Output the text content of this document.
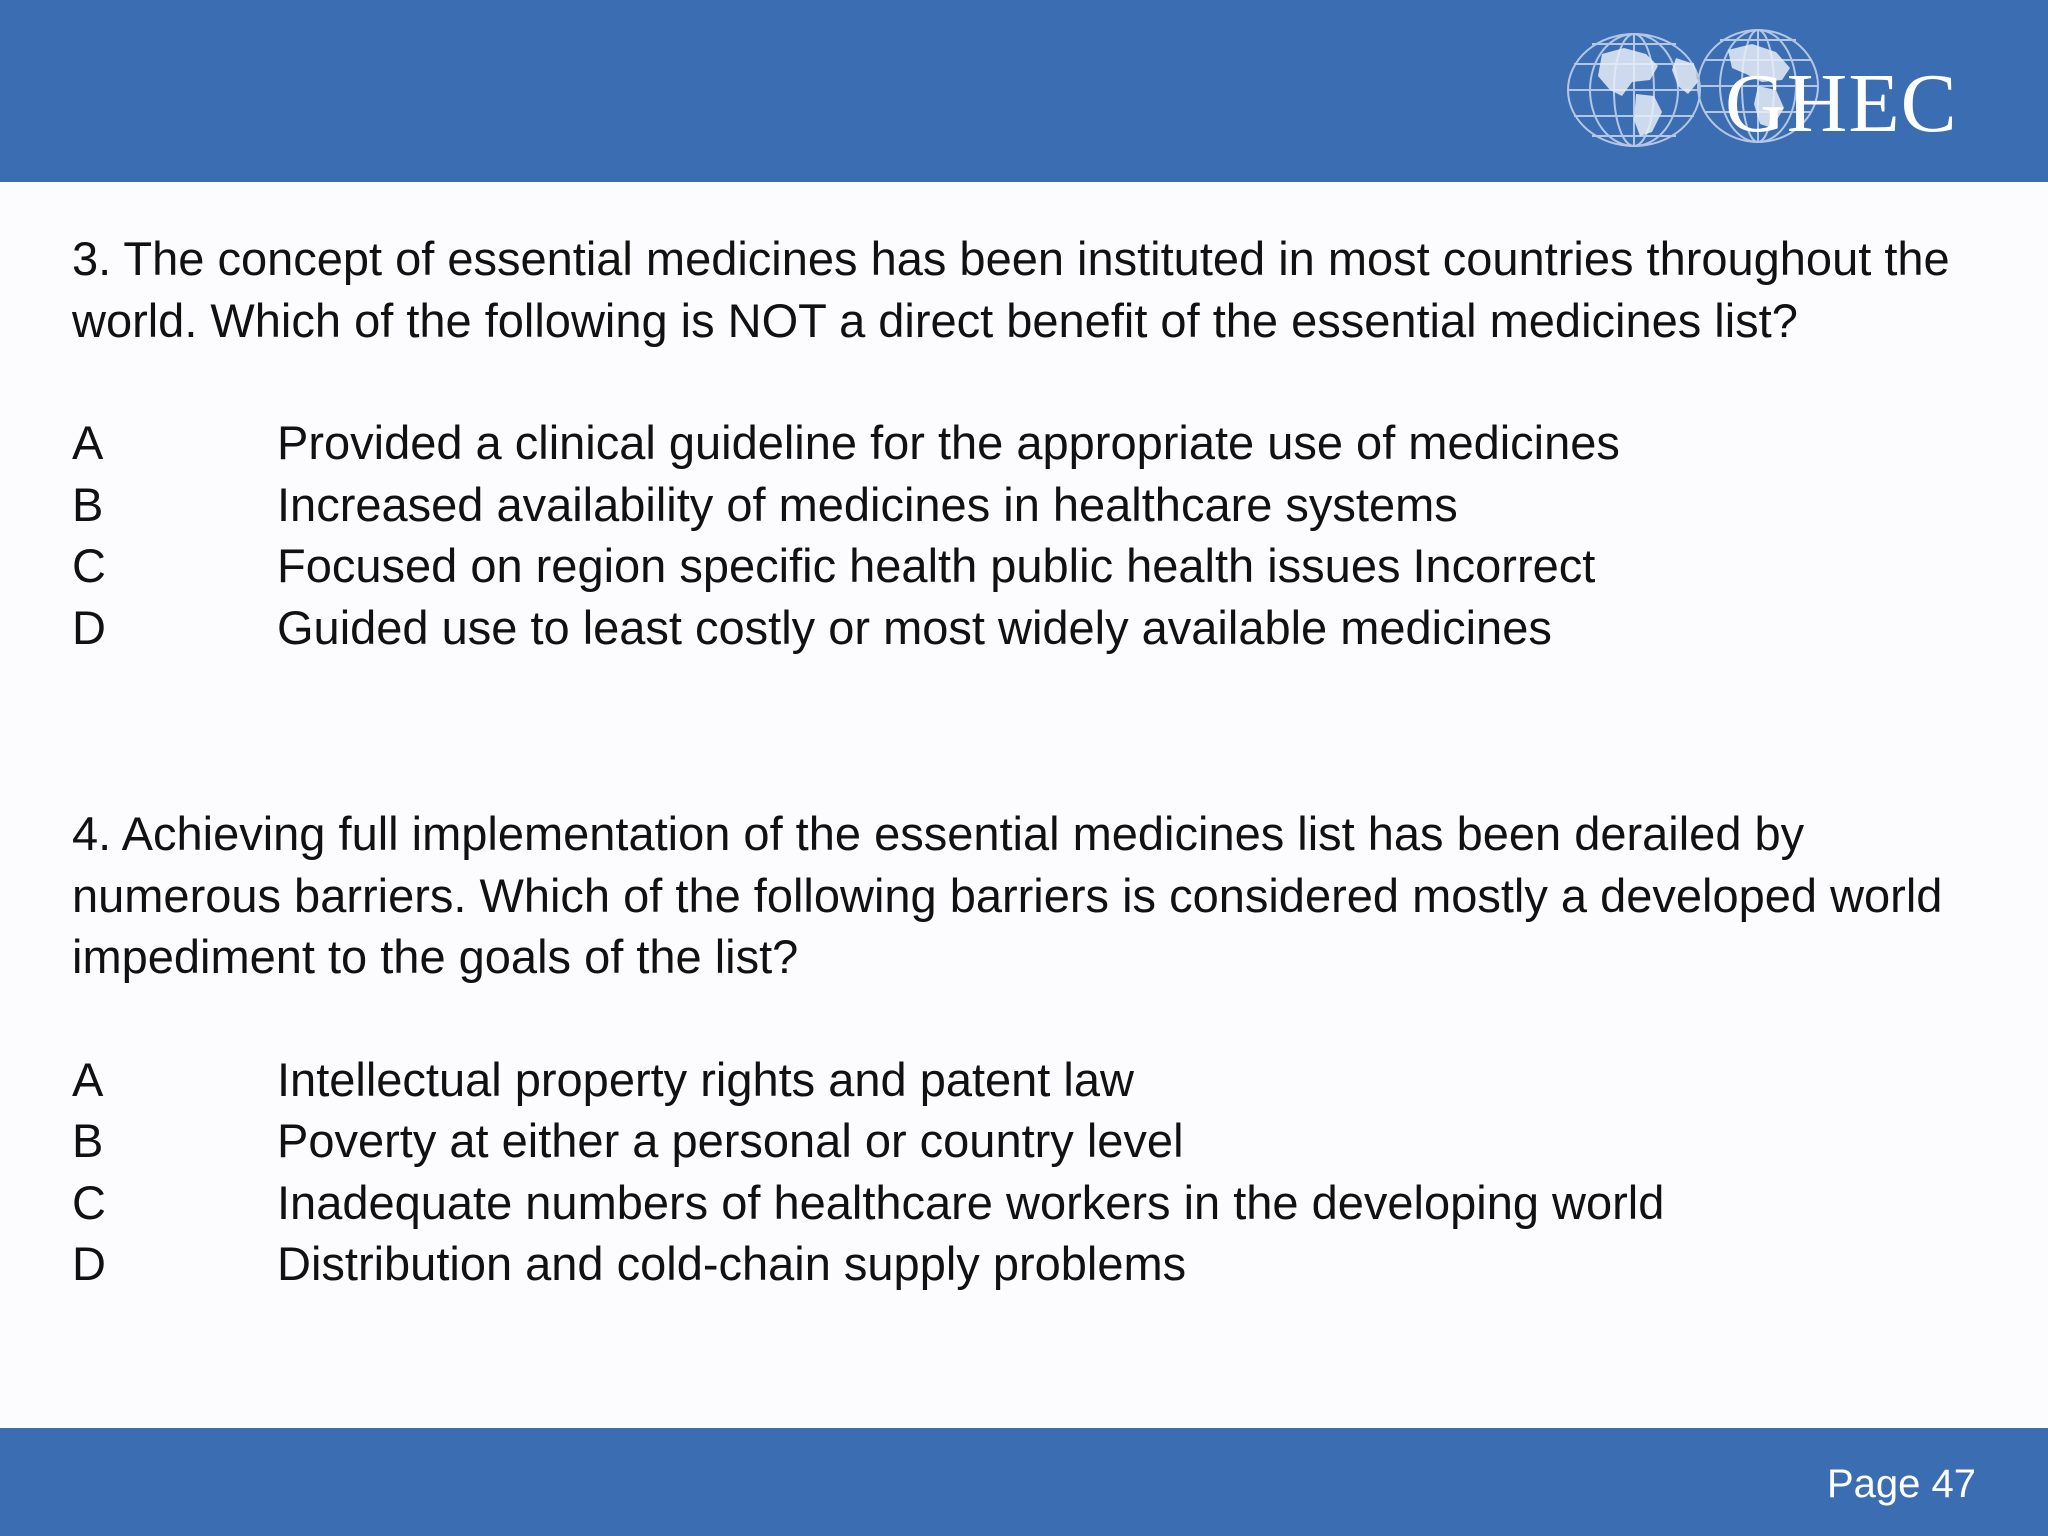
GHEC

3. The concept of essential medicines has been instituted in most countries throughout the world. Which of the following is NOT a direct benefit of the essential medicines list?

A	Provided a clinical guideline for the appropriate use of medicines
B	Increased availability of medicines in healthcare systems
C	Focused on region specific health public health issues Incorrect
D	Guided use to least costly or most widely available medicines

4. Achieving full implementation of the essential medicines list has been derailed by numerous barriers. Which of the following barriers is considered mostly a developed world impediment to the goals of the list?

A	Intellectual property rights and patent law
B	Poverty at either a personal or country level
C	Inadequate numbers of healthcare workers in the developing world
D	Distribution and cold-chain supply problems
Page 47
